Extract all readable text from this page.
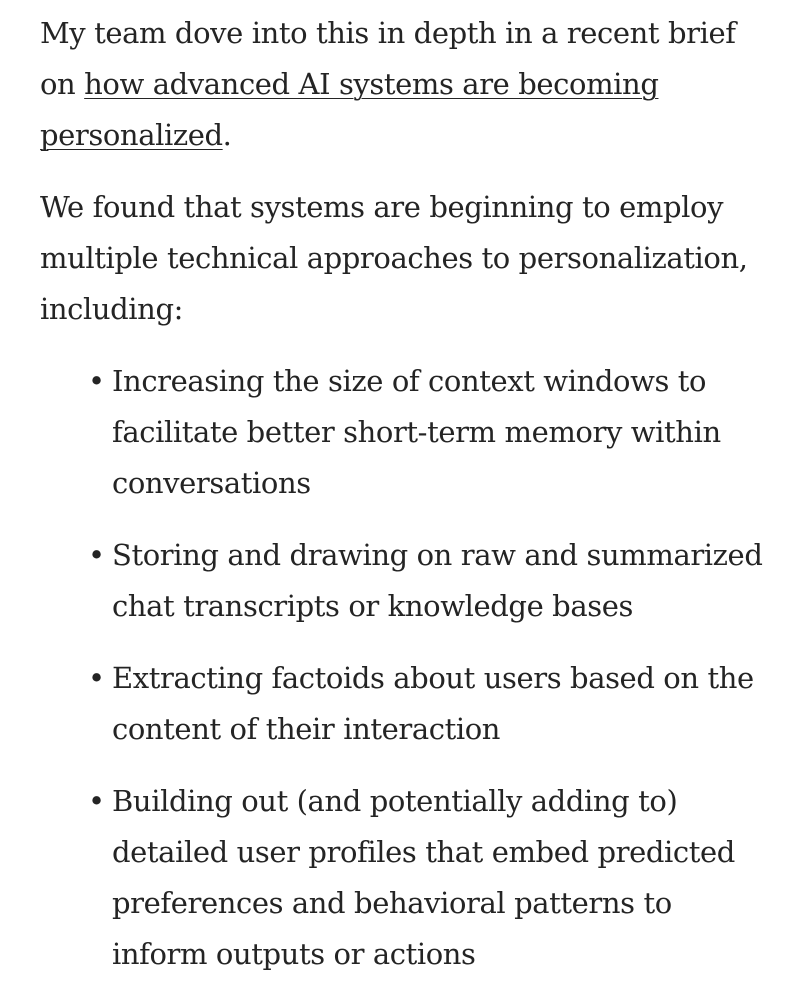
My team dove into this in depth in a recent brief on how advanced AI systems are becoming personalized.

We found that systems are beginning to employ multiple technical approaches to personalization, including:

• Increasing the size of context windows to facilitate better short-term memory within conversations
• Storing and drawing on raw and summarized chat transcripts or knowledge bases
• Extracting factoids about users based on the content of their interaction
• Building out (and potentially adding to) detailed user profiles that embed predicted preferences and behavioral patterns to inform outputs or actions
